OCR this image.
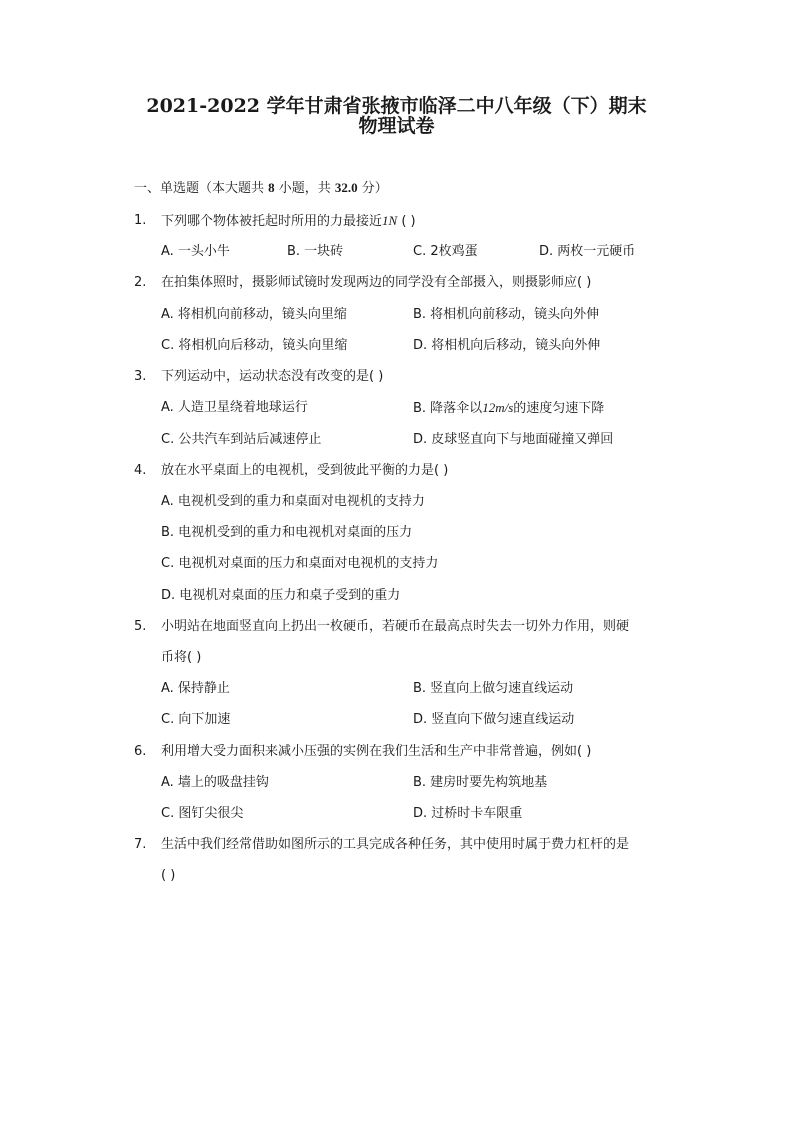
2021-2022 学年甘肃省张掖市临泽二中八年级（下）期末
物理试卷
一、单选题（本大题共 8 小题，共 32.0 分）
1. 下列哪个物体被托起时所用的力最接近1N ( )
A. 一头小牛	B. 一块砖	C. 2枚鸡蛋	D. 两枚一元硬币
2. 在拍集体照时，摄影师试镜时发现两边的同学没有全部摄入，则摄影师应( )
A. 将相机向前移动，镜头向里缩	B. 将相机向前移动，镜头向外伸
C. 将相机向后移动，镜头向里缩	D. 将相机向后移动，镜头向外伸
3. 下列运动中，运动状态没有改变的是( )
A. 人造卫星绕着地球运行	B. 降落伞以12m/s的速度匀速下降
C. 公共汽车到站后减速停止	D. 皮球竖直向下与地面碰撞又弹回
4. 放在水平桌面上的电视机，受到彼此平衡的力是( )
A. 电视机受到的重力和桌面对电视机的支持力
B. 电视机受到的重力和电视机对桌面的压力
C. 电视机对桌面的压力和桌面对电视机的支持力
D. 电视机对桌面的压力和桌子受到的重力
5. 小明站在地面竖直向上扔出一枚硬币，若硬币在最高点时失去一切外力作用，则硬
币将( )
A. 保持静止	B. 竖直向上做匀速直线运动
C. 向下加速	D. 竖直向下做匀速直线运动
6. 利用增大受力面积来减小压强的实例在我们生活和生产中非常普遍，例如( )
A. 墙上的吸盘挂钩	B. 建房时要先构筑地基
C. 图钉尖很尖	D. 过桥时卡车限重
7. 生活中我们经常借助如图所示的工具完成各种任务，其中使用时属于费力杠杆的是
( )
